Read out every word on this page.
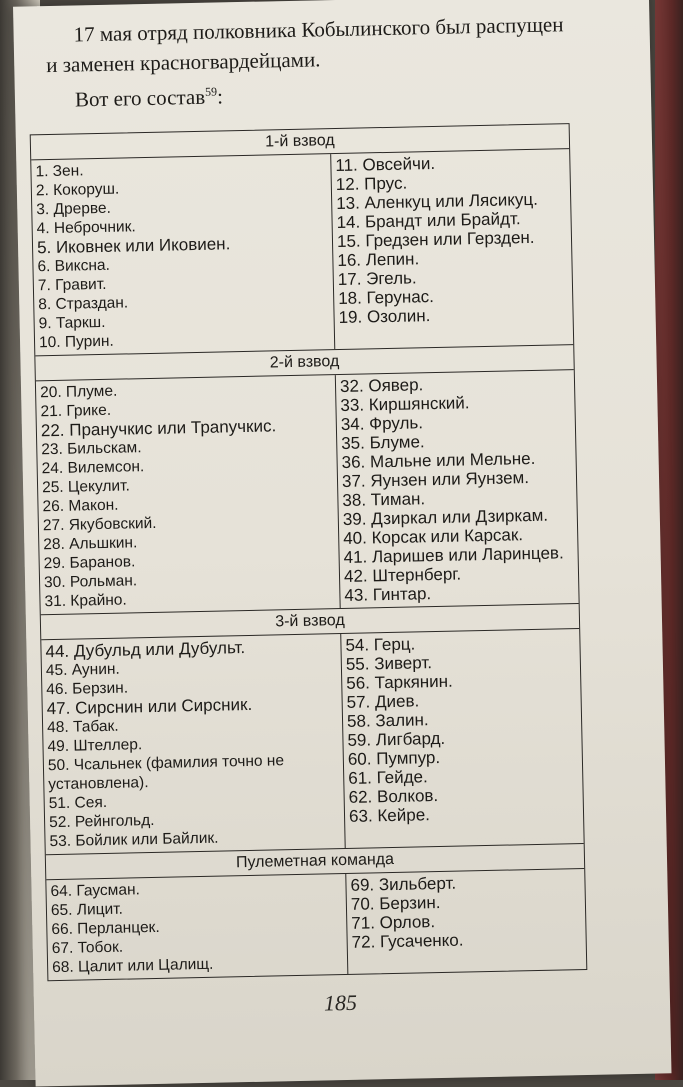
17 мая отряд полковника Кобылинского был распущен
и заменен красногвардейцами.
Вот его состав$^{59}$:
1-й взвод
1. Зен.
2. Кокоруш.
3. Дрерве.
4. Неброчник.
5. Иковнек или Иковиен.
6. Виксна.
7. Гравит.
8. Страздан.
9. Таркш.
10. Пурин.
11. Овсейчи.
12. Прус.
13. Аленкуц или Лясикуц.
14. Брандт или Брайдт.
15. Гредзен или Герзден.
16. Лепин.
17. Эгель.
18. Герунас.
19. Озолин.
2-й взвод
20. Плуме.
21. Грике.
22. Пранучкис или Трanучкис.
23. Бильскам.
24. Вилемсон.
25. Цекулит.
26. Макон.
27. Якубовский.
28. Альшкин.
29. Баранов.
30. Рольман.
31. Крайно.
32. Оявер.
33. Киршянский.
34. Фруль.
35. Блуме.
36. Мальне или Мельне.
37. Яунзен или Яунзем.
38. Тиман.
39. Дзиркал или Дзиркам.
40. Корсак или Карсак.
41. Ларишев или Ларинцев.
42. Штернберг.
43. Гинтар.
3-й взвод
44. Дубульд или Дубульт.
45. Аунин.
46. Берзин.
47. Сирснин или Сирсник.
48. Табак.
49. Штеллер.
50. Чсальнек (фамилия точно не установлена).
51. Сея.
52. Рейнгольд.
53. Бойлик или Байлик.
54. Герц.
55. Зиверт.
56. Таркянин.
57. Диев.
58. Залин.
59. Лигбард.
60. Пумпур.
61. Гейде.
62. Волков.
63. Кейре.
Пулеметная команда
64. Гаусман.
65. Лицит.
66. Перланцек.
67. Тобок.
68. Цалит или Цалищ.
69. Зильберт.
70. Берзин.
71. Орлов.
72. Гусаченко.
185
